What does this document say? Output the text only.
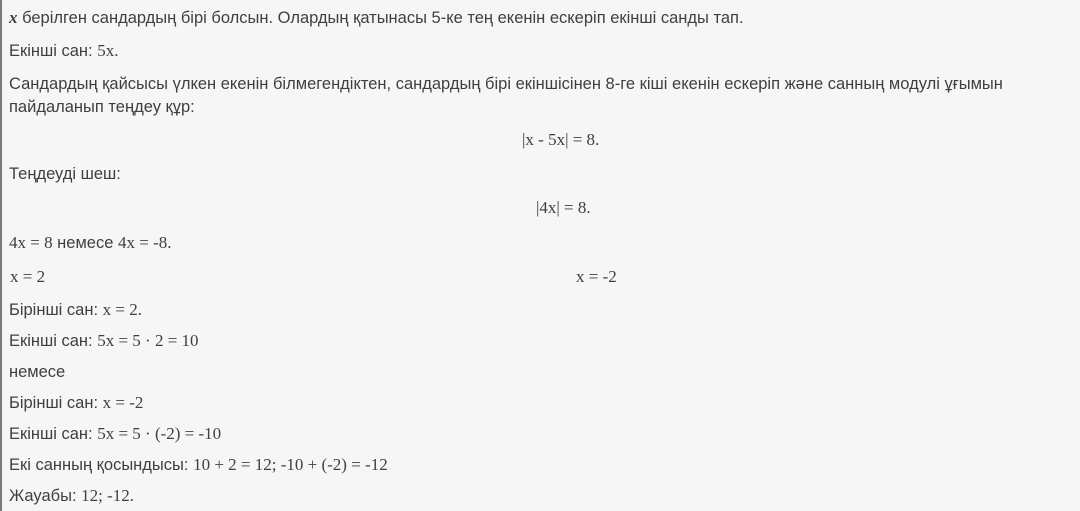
x берілген сандардың бірі болсын. Олардың қатынасы 5-ке тең екенін ескеріп екінші санды тап.
Екінші сан: 5x.
Сандардың қайсысы үлкен екенін білмегендіктен, сандардың бірі екіншісінен 8-ге кіші екенін ескеріп және санның модулі ұғымын
пайдаланып теңдеу құр:
|x - 5x| = 8.
Теңдеуді шеш:
|4x| = 8.
4x = 8 немесе 4x = -8.
x = 2	x = -2
Бірінші сан: x = 2.
Екінші сан: 5x = 5 · 2 = 10
немесе
Бірінші сан: x = -2
Екінші сан: 5x = 5 · (-2) = -10
Екі санның қосындысы: 10 + 2 = 12; -10 + (-2) = -12
Жауабы: 12; -12.
